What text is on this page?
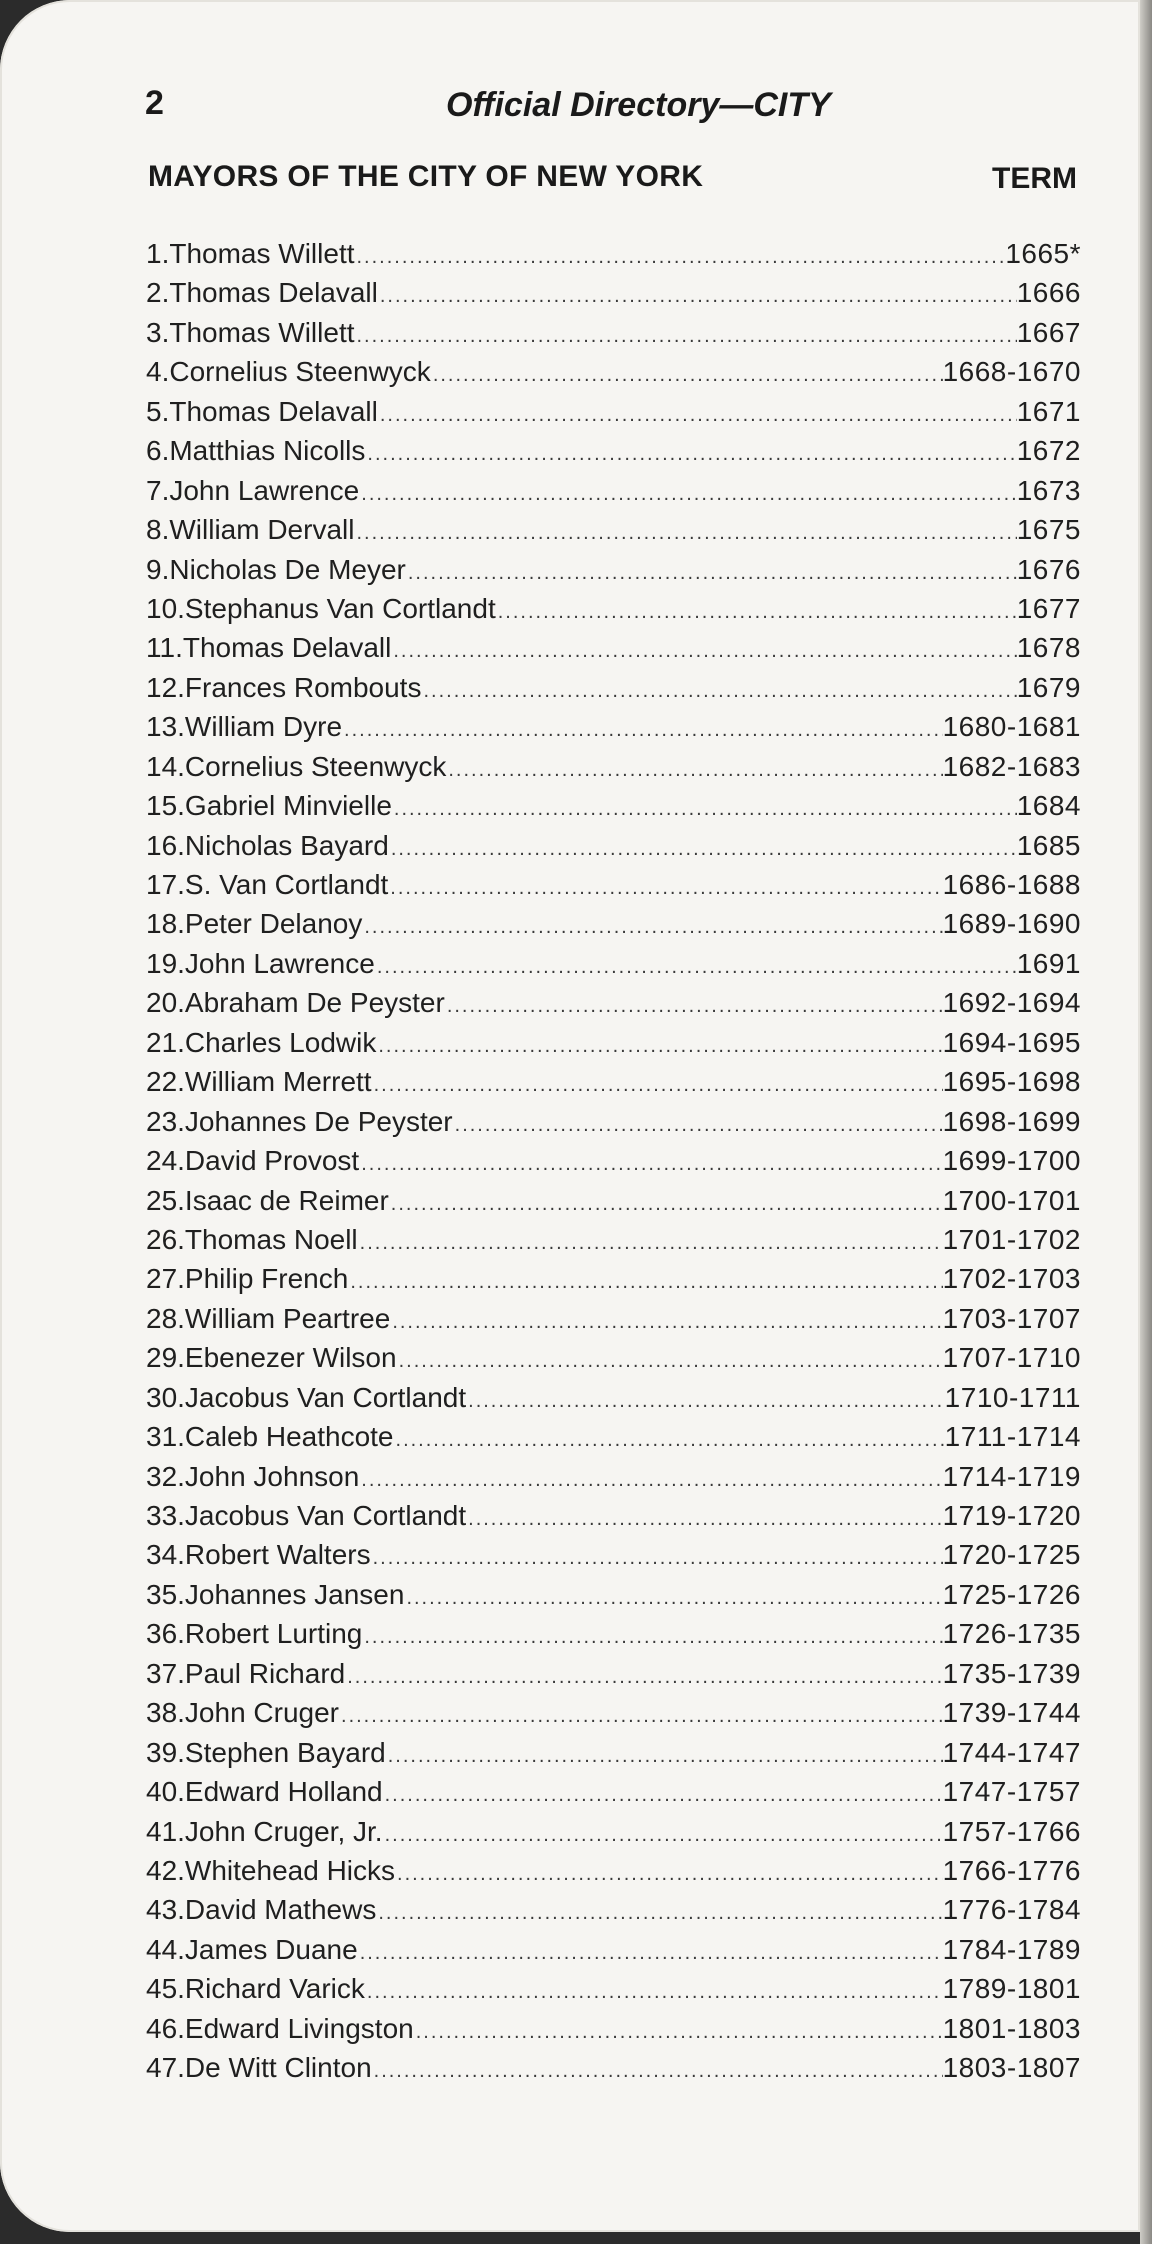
2	Official Directory—CITY
MAYORS OF THE CITY OF NEW YORK	TERM
1.Thomas Willett .....	1665*
2.Thomas Delavall .....	1666
3.Thomas Willett .....	1667
4.Cornelius Steenwyck .....	1668-1670
5.Thomas Delavall .....	1671
6.Matthias Nicolls .....	1672
7.John Lawrence .....	1673
8.William Dervall .....	1675
9.Nicholas De Meyer .....	1676
10.Stephanus Van Cortlandt .....	1677
11.Thomas Delavall .....	1678
12.Frances Rombouts .....	1679
13.William Dyre .....	1680-1681
14.Cornelius Steenwyck .....	1682-1683
15.Gabriel Minvielle .....	1684
16.Nicholas Bayard .....	1685
17.S. Van Cortlandt .....	1686-1688
18.Peter Delanoy .....	1689-1690
19.John Lawrence .....	1691
20.Abraham De Peyster .....	1692-1694
21.Charles Lodwik .....	1694-1695
22.William Merrett .....	1695-1698
23.Johannes De Peyster .....	1698-1699
24.David Provost .....	1699-1700
25.Isaac de Reimer .....	1700-1701
26.Thomas Noell .....	1701-1702
27.Philip French .....	1702-1703
28.William Peartree .....	1703-1707
29.Ebenezer Wilson .....	1707-1710
30.Jacobus Van Cortlandt .....	1710-1711
31.Caleb Heathcote .....	1711-1714
32.John Johnson .....	1714-1719
33.Jacobus Van Cortlandt .....	1719-1720
34.Robert Walters .....	1720-1725
35.Johannes Jansen .....	1725-1726
36.Robert Lurting .....	1726-1735
37.Paul Richard .....	1735-1739
38.John Cruger .....	1739-1744
39.Stephen Bayard .....	1744-1747
40.Edward Holland .....	1747-1757
41.John Cruger, Jr. .....	1757-1766
42.Whitehead Hicks .....	1766-1776
43.David Mathews .....	1776-1784
44.James Duane .....	1784-1789
45.Richard Varick .....	1789-1801
46.Edward Livingston .....	1801-1803
47.De Witt Clinton .....	1803-1807
